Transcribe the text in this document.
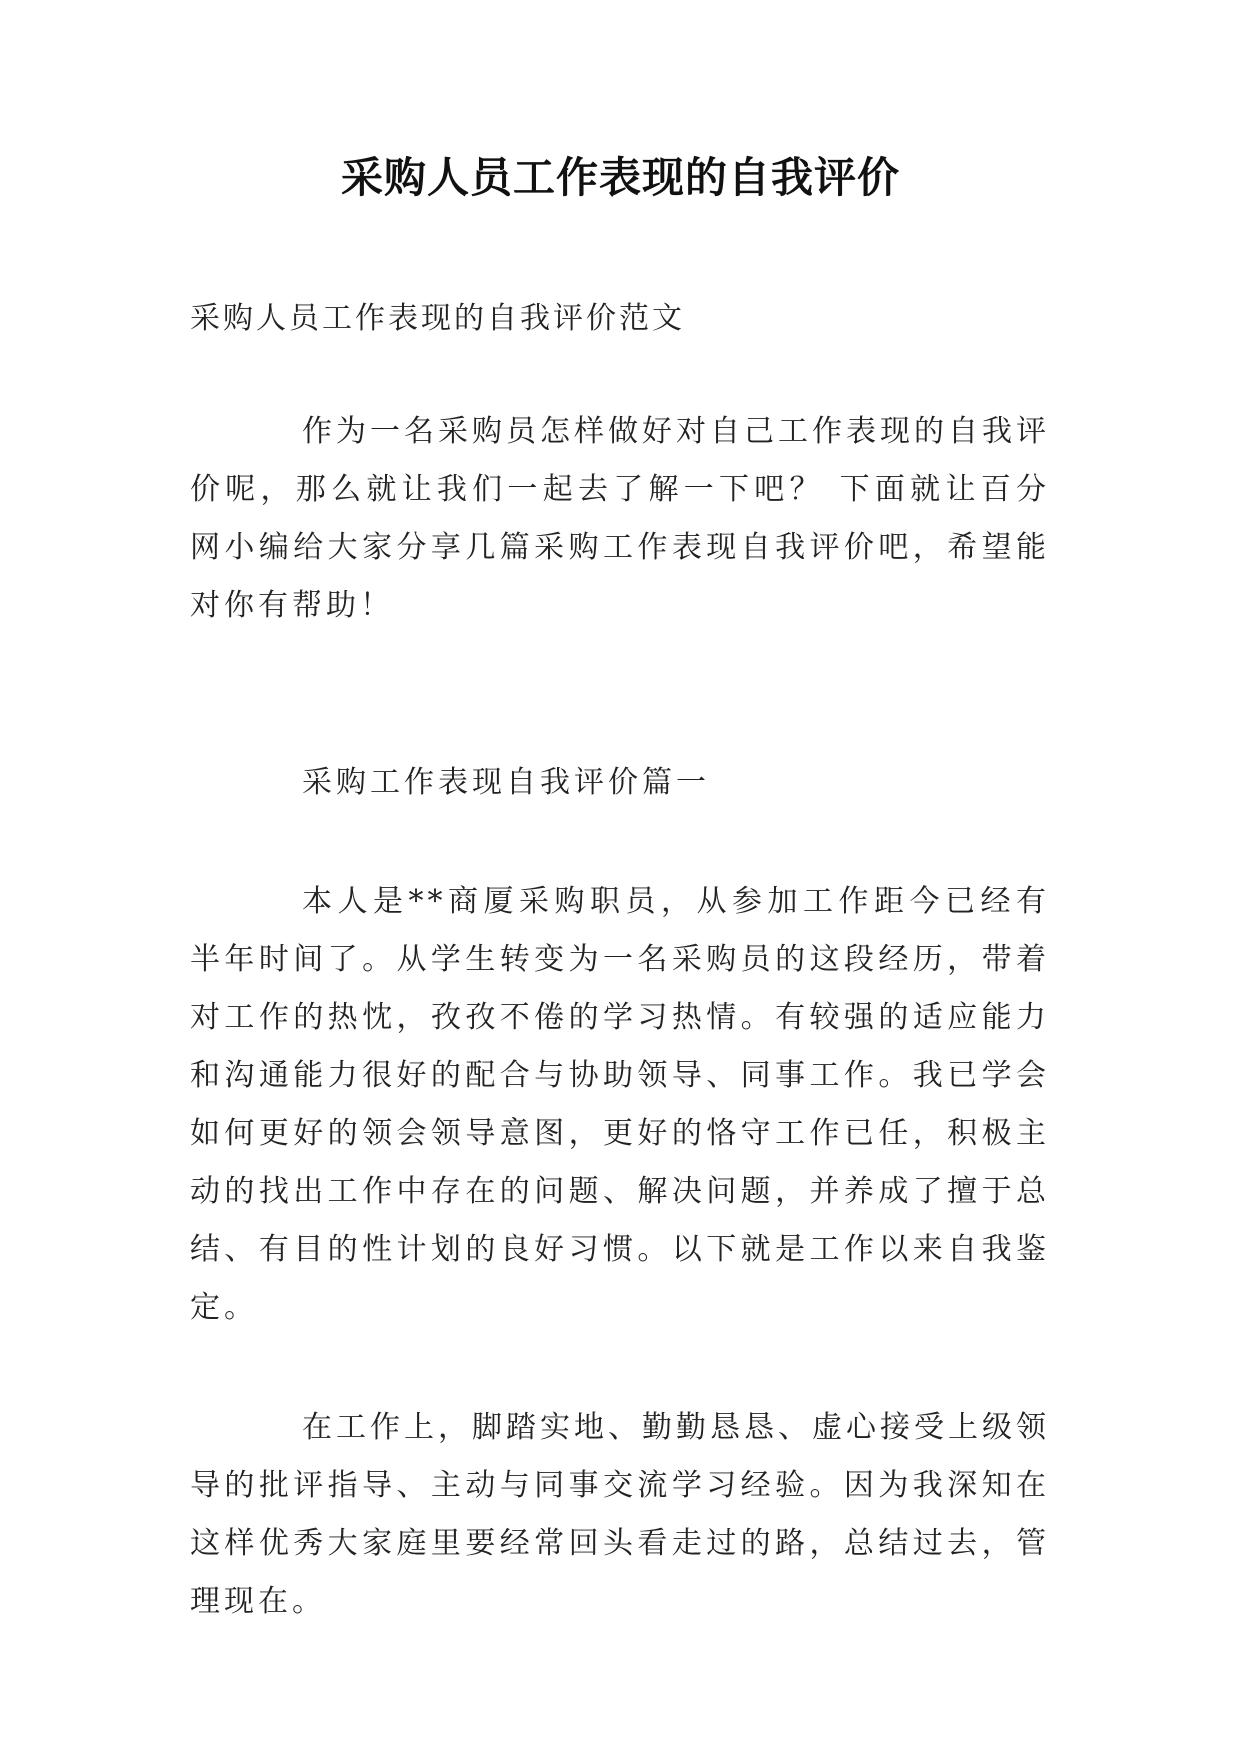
采购人员工作表现的自我评价

采购人员工作表现的自我评价范文

作为一名采购员怎样做好对自己工作表现的自我评价呢，那么就让我们一起去了解一下吧？ 下面就让百分网小编给大家分享几篇采购工作表现自我评价吧，希望能对你有帮助！

采购工作表现自我评价篇一

本人是**商厦采购职员，从参加工作距今已经有半年时间了。从学生转变为一名采购员的这段经历，带着对工作的热忱，孜孜不倦的学习热情。有较强的适应能力和沟通能力很好的配合与协助领导、同事工作。我已学会如何更好的领会领导意图，更好的恪守工作已任，积极主动的找出工作中存在的问题、解决问题，并养成了擅于总结、有目的性计划的良好习惯。以下就是工作以来自我鉴定。

在工作上，脚踏实地、勤勤恳恳、虚心接受上级领导的批评指导、主动与同事交流学习经验。因为我深知在这样优秀大家庭里要经常回头看走过的路，总结过去，管理现在。
